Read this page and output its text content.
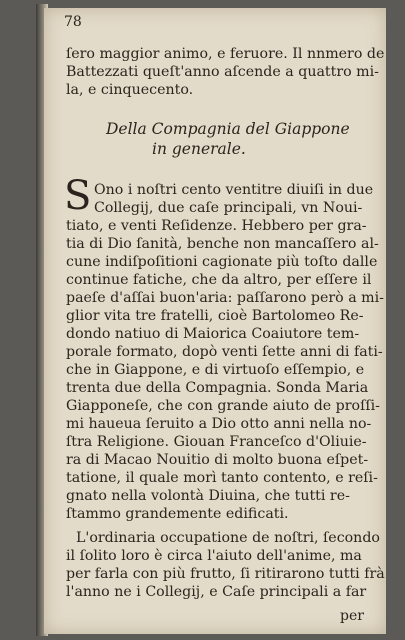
78
ſero maggior animo, e feruore. Il nnmero de
Battezzati queſt'anno aſcende a quattro mi-
la, e cinquecento.
Della Compagnia del Giappone
in generale.
S Ono i noſtri cento ventitre diuiſi in due
Collegij, due caſe principali, vn Noui-
tiato, e venti Reſidenze. Hebbero per gra-
tia di Dio ſanità, benche non mancaſſero al-
cune indiſpoſitioni cagionate più toſto dalle
continue fatiche, che da altro, per eſſere il
paeſe d'aſſai buon'aria: paſſarono però a mi-
glior vita tre fratelli, cioè Bartolomeo Re-
dondo natiuo di Maiorica Coaiutore tem-
porale formato, dopò venti ſette anni di fati-
che in Giappone, e di virtuoſo eſſempio, e
trenta due della Compagnia. Sonda Maria
Giapponeſe, che con grande aiuto de proſſi-
mi haueua ſeruito a Dio otto anni nella no-
ſtra Religione. Giouan Franceſco d'Oliuie-
ra di Macao Nouitio di molto buona eſpet-
tatione, il quale morì tanto contento, e reſi-
gnato nella volontà Diuina, che tutti re-
ſtammo grandemente edificati.
L'ordinaria occupatione de noſtri, ſecondo
il ſolito loro è circa l'aiuto dell'anime, ma
per farla con più frutto, ſi ritirarono tutti frà
l'anno ne i Collegij, e Caſe principali a far
per
